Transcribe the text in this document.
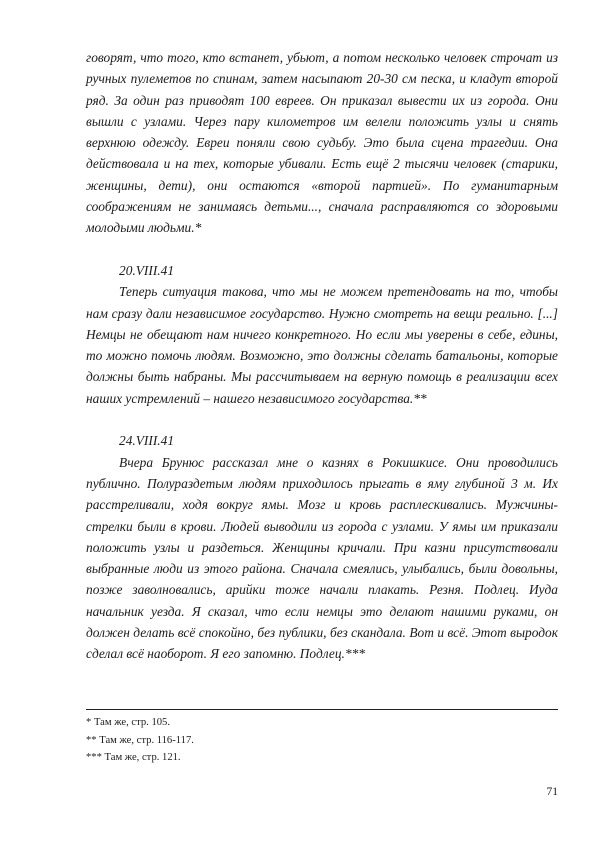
говорят, что того, кто встанет, убьют, а потом несколько человек строчат из ручных пулеметов по спинам, затем насыпают 20-30 см песка, и кладут второй ряд. За один раз приводят 100 евреев. Он приказал вывести их из города. Они вышли с узлами. Через пару километров им велели положить узлы и снять верхнюю одежду. Евреи поняли свою судьбу. Это была сцена трагедии. Она действовала и на тех, которые убивали. Есть ещё 2 тысячи человек (старики, женщины, дети), они остаются «второй партией». По гуманитарным соображениям не занимаясь детьми..., сначала расправляются со здоровыми молодыми людьми.*

20.VIII.41

Теперь ситуация такова, что мы не можем претендовать на то, чтобы нам сразу дали независимое государство. Нужно смотреть на вещи реально. [...] Немцы не обещают нам ничего конкретного. Но если мы уверены в себе, едины, то можно помочь людям. Возможно, это должны сделать батальоны, которые должны быть набраны. Мы рассчитываем на верную помощь в реализации всех наших устремлений – нашего независимого государства.**

24.VIII.41

Вчера Брунюс рассказал мне о казнях в Рокишкисе. Они проводились публично. Полураздетым людям приходилось прыгать в яму глубиной 3 м. Их расстреливали, ходя вокруг ямы. Мозг и кровь расплескивались. Мужчины-стрелки были в крови. Людей выводили из города с узлами. У ямы им приказали положить узлы и раздеться. Женщины кричали. При казни присутствовали выбранные люди из этого района. Сначала смеялись, улыбались, были довольны, позже заволновались, арийки тоже начали плакать. Резня. Подлец. Иуда начальник уезда. Я сказал, что если немцы это делают нашими руками, он должен делать всё спокойно, без публики, без скандала. Вот и всё. Этот выродок сделал всё наоборот. Я его запомню. Подлец.***

* Там же, стр. 105.
** Там же, стр. 116-117.
*** Там же, стр. 121.
71
